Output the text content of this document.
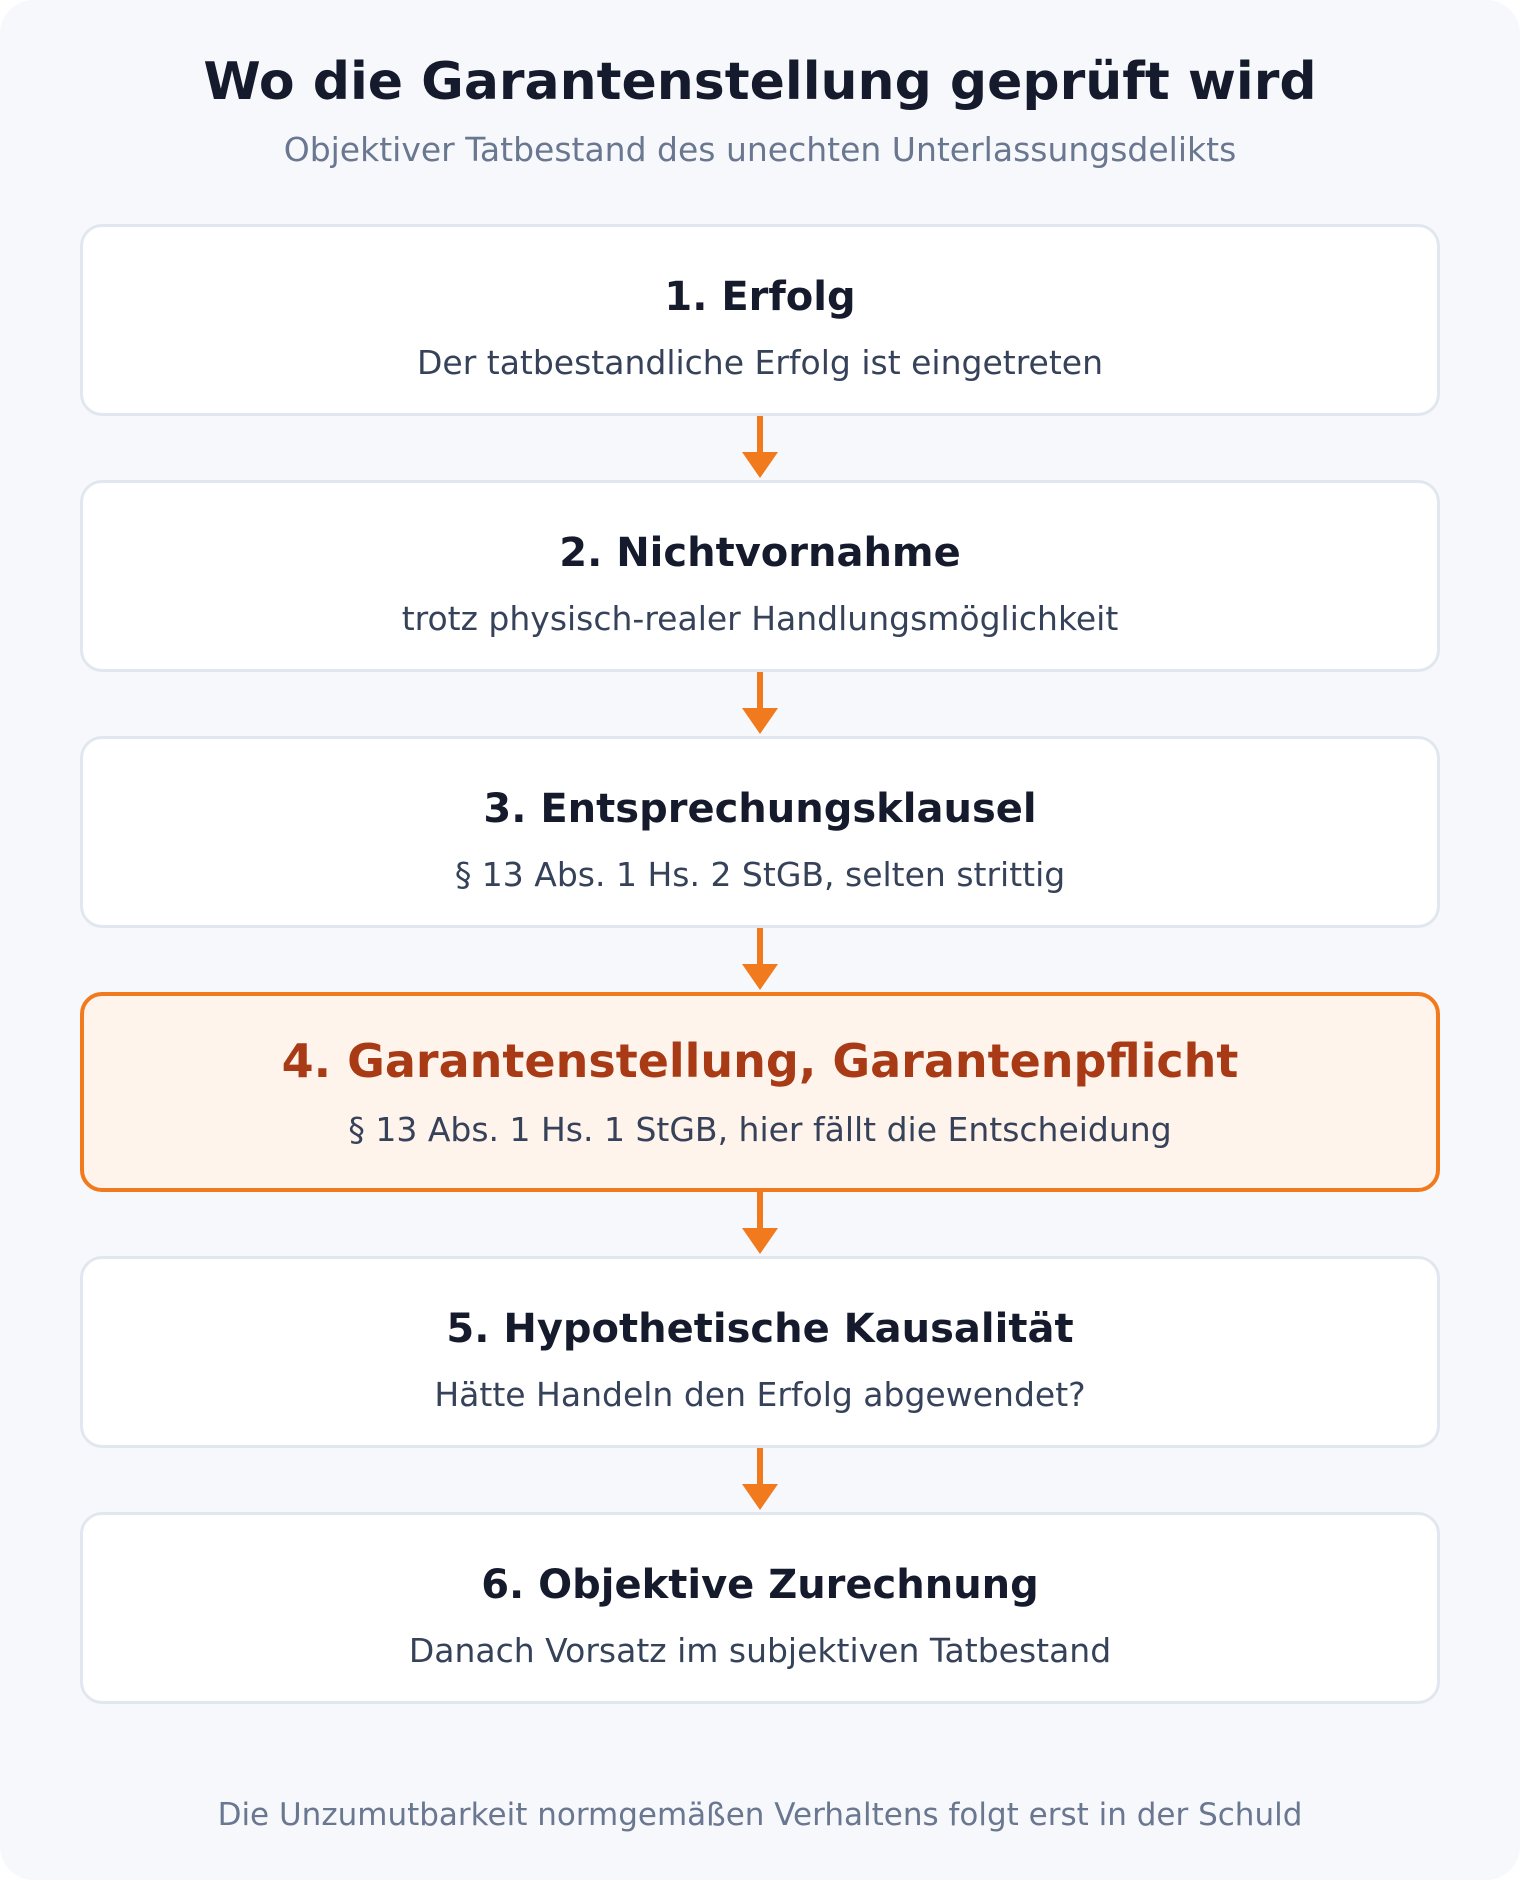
Wo die Garantenstellung geprüft wird
Objektiver Tatbestand des unechten Unterlassungsdelikts
1. Erfolg
Der tatbestandliche Erfolg ist eingetreten
2. Nichtvornahme
trotz physisch-realer Handlungsmöglichkeit
3. Entsprechungsklausel
§ 13 Abs. 1 Hs. 2 StGB, selten strittig
4. Garantenstellung, Garantenpflicht
§ 13 Abs. 1 Hs. 1 StGB, hier fällt die Entscheidung
5. Hypothetische Kausalität
Hätte Handeln den Erfolg abgewendet?
6. Objektive Zurechnung
Danach Vorsatz im subjektiven Tatbestand
Die Unzumutbarkeit normgemäßen Verhaltens folgt erst in der Schuld
